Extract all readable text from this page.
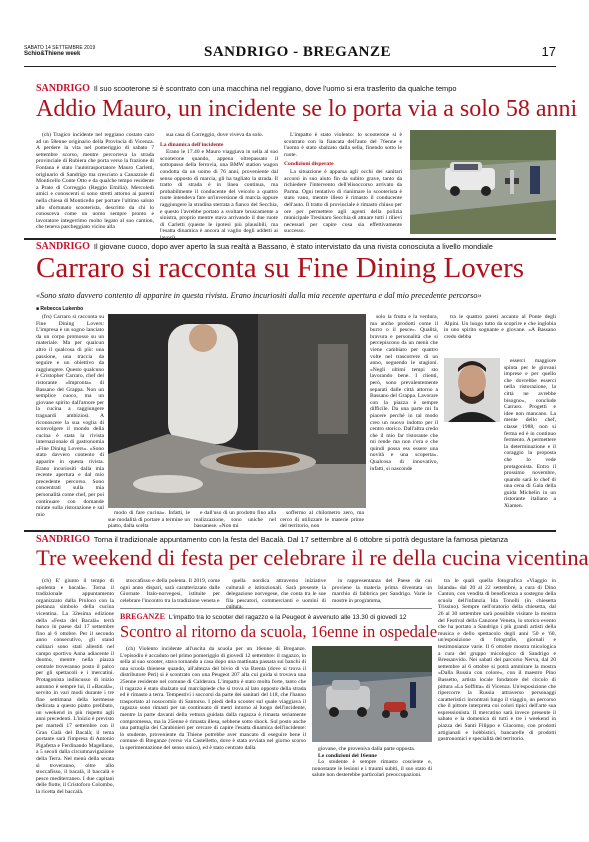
SABATO 14 SETTEMBRE 2019
Schio&Thiene week	SANDRIGO - BREGANZE	17
SANDRIGO Il suo scooterone si è scontrato con una macchina nel reggiano, dove l'uomo si era trasferito da qualche tempo
Addio Mauro, un incidente se lo porta via a solo 58 anni

(ch) Tragico incidente nel reggiano costato caro ad un 58enne originario della Provincia di Vicenza. A perdere la vita nel pomeriggio di sabato 7 settembre scorso, mentre percorreva la strada provinciale di Rubiera che porta verso la frazione di Fontana è stato l'autotrasportatore Mauro Carletti, originario di Sandrigo ma cresciuto a Canazzole di Monticello Conte Otto e da qualche tempo residente a Prato di Correggio (Reggio Emilia). Mercoledì amici e conoscenti si sono stretti attorno ai parenti nella chiesa di Monticello per portare l'ultimo saluto allo sfortunato scooterista, descritto da chi lo conosceva come un uomo sempre pronto e lavoratore integerrimo molto legato al suo camion, che teneva parcheggiato vicino alla

sua casa di Correggio, dove viveva da solo.

La dinamica dell'incidente

Erano le 17.40 e Mauro viaggiava in sella al suo scooterone quando, appena oltrepassato il sottopasso della ferrovia, una BMW station wagon condotta da un uomo di 76 anni, proveniente dal senso opposto di marcia, gli ha tagliato la strada. Il tratto di strada è in linea continua, ma probabilmente il conducente del veicolo a quattro ruote intendeva fare un'inversione di marcia oppure raggiungere la stradina sterrata a fianco del Secchia, e questo l'avrebbe portato a svoltare bruscamente a sinistra, proprio mentre stava arrivando il due ruote di Carletti (queste le ipotesi più plausibili, ma l'esatta dinamica è ancora al vaglio degli addetti ai lavori).

L'impatto è stato violento: lo scooterone si è scontrato con la fiancata dell'auto del 76enne e l'uomo è stato sbalzato dalla sella, finendo sotto le ruote.

Condizioni disperate

La situazione è apparsa agli occhi dei sanitari accorsi in suo aiuto fin da subito grave, tanto da richiedere l'intervento dell'elisoccorso arrivato da Parma. Ogni tentativo di rianimare lo scooterista è stato vano, mentre illeso è rimasto il conducente dell'auto. Il tratto di provinciale è rimasto chiuso per ore per permettere agli agenti della polizia municipale Tresinaro Secchia di attuare tutti i rilievi necessari per capire cosa sia effettivamente successo.

SANDRIGO Il giovane cuoco, dopo aver aperto la sua realtà a Bassano, è stato intervistato da una rivista conosciuta a livello mondiale
Carraro si racconta su Fine Dining Lovers
«Sono stato davvero contento di apparire in questa rivista. Erano incuriositi dalla mia recente apertura e dal mio precedente percorso»
■ Rebecca Lukenbo

(frs) Carraro si racconta su Fine Dining Lovers: L'impresa è un sogno lanciato da un corpo promosso su un materiale. Ma per qualcun altro il qualcosa di più: una passione, una traccia da seguire e un obiettivo da raggiungere. Questo qualcuno è Cristopher Carraro, chef del ristorante «Impronta» di Bassano del Grappa. Non un semplice cuoco, ma un giovane spirito dall'amore per la cucina a raggiungere traguardi ambiziosi. A riconoscere la sua voglia di sconvolgere il mondo della cucina è stata la rivista internazionale di gastronomia «Fine Dining Lovers». «Sono stato davvero contento di apparire in questa rivista. Erano incuriositi dalla mia recente apertura e dal mio precedente percorso. Sono concentrati sulla mia personalità come chef, per poi continuare con domande mirate sulla ristorazione e sul mio	modo di fare cucina». Infatti, le sue modalità di portare a termine un piatto, dalla scelta

e dall'uso di un prodotto fino alla realizzazione, sono uniche nel bassanese. «Non mi

soffermo al chilometro zero, ma cerco di utilizzare le materie prime del territorio, non

solo la frutta e la verdura, ma anche prodotti come il burro o il pesce». Qualità, bravura e personalità che si percepiscono da un menù che viene cambiato per quattro volte nel trascorrere di un anno, seguendo le stagioni. «Negli ultimi tempi sto lavorando bene. I clienti, però, sono prevalentemente separati dalle città attorno a Bassano del Grappa. Lavorare con la piazza è sempre difficile. Da una parte mi fa piacere perché in tal modo creo un nuovo indotto per il centro storico. Dall'altra credo che il mio far ristorante che mi rende ma non c'era e che quindi possa ess essere una novità e una scoperta». Qualcosa di innovativo, infatti, si nasconde

tra le quattro pareti accanto al Ponte degli Alpini. Un luogo tutto da scoprire e che inglobia in uno spirito sognante e giovane. «A Bassano credo debba

esserci maggiore spinta per le giovani imprese e per quello che dovrebbe esserci nella ristorazione, la città ne avrebbe bisogno», conclude Carraro. Progetti e idee non mancano. La mente dello chef, classe 1988, non si ferma ed è in continuo fermento. A permettere la determinazione e il coraggio la proposta che lo vede protagonista. Entro il prossimo novembre, quando sarà lo chef di una cena di Gala della guida Michelin in un ristorante italiano a Xiamen.

SANDRIGO Torna il tradizionale appuntamento con la festa del Bacalà. Dal 17 settembre al 6 ottobre si potrà degustare la famosa pietanza
Tre weekend di festa per celebrare il re della cucina vicentina

(ch) E' giunto il tempo di «polenta e bacalà». Torna il tradizionale appuntamento organizzato dalla Proloco con la pietanza simbolo della cucina vicentina. La 32esima edizione della «Festa del Bacalà» terrà banco in paese dal 17 settembre fino al 6 ottobre. Per il secondo anno consecutivo, gli stand culinari sono stati allestiti nel campo sportivo Anna adiacente il duomo, mentre nella piazza centrale troveranno posto il palco per gli spettacoli e i mercatini. Protagonista indiscusso di inizio autunno è sempre lui, il «Bacalà», servito in vari modi durante i tre fine settimana della kermesse dedicata a questo piatto prelibato, un weekend in più rispetto agli anni precedenti. L'inizio è previsto per martedì 17 settembre con il Gran Galà del Bacalà; il tema portante sarà l'impresa di Antonio Pigafetta e Ferdinando Magellano, a 5 secoli dalla circumnavigazione della Terra. Nel menù della serata si troveranno, oltre allo stoccafisso, il bacalà, il baccalà e pesce mediterraneo. I due capitani delle flotte, il Cristoforo Colombo, la ricetta del baccalà.

stoccafisso e della polenta. Il 2019, come ogni anno dispari, sarà caratterizzato dalle Giornate Italo-norvegesi, istituite per celebrare l'incontro tra la tradizione veneta e

quella nordica attraverso iniziative culturali e istituzionali. Sarà presente la delegazione norvegese, che conta tra le sue fila pescatori, commercianti e uomini di cultura,

in rappresentanza del Paese da cui proviene la materia prima diventata un marchio di fabbrica per Sandrigo. Varie le mostre in programma,

tra le quali quella fotografica «Viaggio in Islanda» dal 20 al 22 settembre, a cura di Dino Canton, con vendita di beneficenza a sostegno della scuola dell'infanzia Ida Tonolli (in chiesetta Trissino). Sempre nell'oratorio della chiesetta, dal 26 al 30 settembre sarà possibile visitare la mostra del Festival della Canzone Veneta, lo storico evento che ha portato a Sandrigo i più grandi artisti della musica e dello spettacolo degli anni '50 e '60, un'esposizione di fotografie, giornali e testimonianze varie. Il 6 ottobre mostra micologica a cura del gruppo micologico di Sandrigo e Bressanvido. Nei sabati del parcorso Nerva, dal 20 settembre al 6 ottobre si potrà ammirare la mostra «Dalla Russia con colore», con il maestro Pino Bassetto, artista locale fondatore del circolo di pittura «La Soffitta» di Vicenza. Un'esposizione che ripercorre la Russia attraverso personaggi caratteristici incontrati lungo il viaggio, un percorso che il pittore interpreta coi colori tipici dell'arte sua espressionista. Il mercatino sarà invece presente il sabato e la domenica di tutti e tre i weekend in piazza dei Santi Filippo e Giacomo, con prodotti artigianali e hobbistici, bancarelle di prodotti gastronomici e specialità del territorio.

BREGANZE L'impatto tra lo scooter del ragazzo e la Peugeot è avvenuto alle 13.30 di giovedì 12
Scontro al ritorno da scuola, 16enne in ospedale

(ch) Violento incidente all'uscita da scuola per un 16enne di Breganze. L'episodio è accaduto nel primo pomeriggio di giovedì 12 settembre: il ragazzo, in sella al suo scooter, stava tornando a casa dopo una mattinata passata sui banchi di una scuola thienese quando, all'altezza del bivio di via Brenta (dove si trova il distributore Peri) si è scontrato con una Peugeot 207 alla cui guida si trovava una 25enne residente nel comune di Calderara. L'impatto è stato molto forte, tanto che il ragazzo è stato sbalzato sul marciapiede che si trova al lato opposto della strada ed è rimasto a terra. Tempestivi i soccorsi da parte dei sanitari del 118, che l'hanno trasportato al nosocomio di Santorso. I piedi della scooter sul quale viaggiava il ragazzo sono rimasti per un continuato di metri intorno al luogo dell'incidente, mentre la parte davanti della vettura guidata dalla ragazza è rimasta seriamente compromessa, ma la 25enne è rimasta illesa, sebbene sotto shock. Sul posto anche una pattuglia dei Carabinieri per cercare di capire l'esatta dinamica dell'incidente: lo studente, proveniente da Thiene potrebbe aver mancato di eseguire bene il comune di Breganze (verso via Castelletto, dove è stata avviata nel giorno scorso la sperimentazione del senso unico), ed è stato centrato dalla	giovane, che proveniva dalla parte opposta.

Le condizioni del 16enne

Lo studente è sempre rimasto cosciente e, nonostante le lesioni e i traumi subiti, il suo stato di salute non desterebbe particolari preoccupazioni.
